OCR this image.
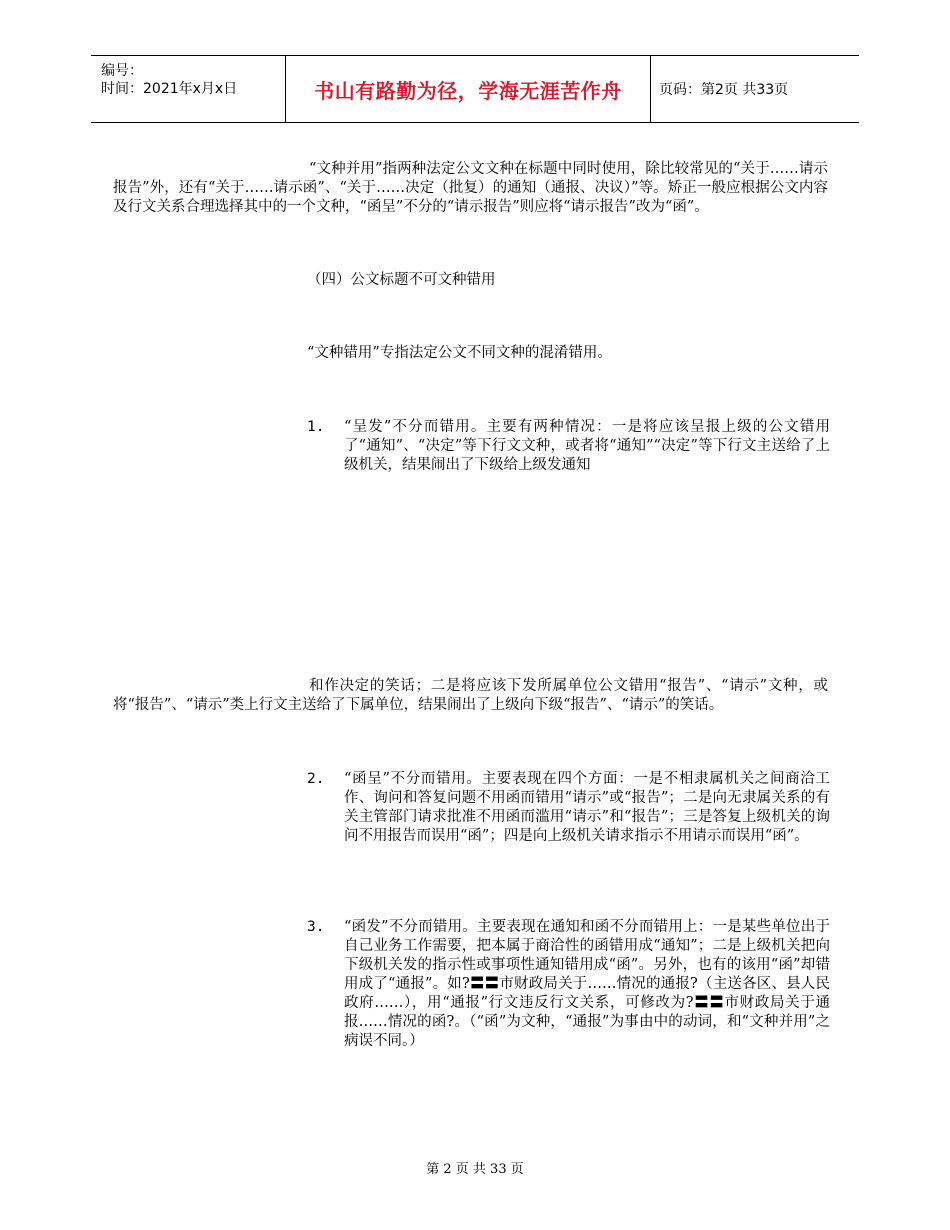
编号：
时间：2021年x月x日	书山有路勤为径，学海无涯苦作舟	页码：第2页 共33页

“文种并用”指两种法定公文文种在标题中同时使用，除比较常见的“关于……请示报告”外，还有“关于……请示函”、“关于……决定（批复）的通知（通报、决议）”等。矫正一般应根据公文内容及行文关系合理选择其中的一个文种，“函呈”不分的“请示报告”则应将“请示报告”改为“函”。

（四）公文标题不可文种错用

“文种错用”专指法定公文不同文种的混淆错用。

1. “呈发”不分而错用。主要有两种情况：一是将应该呈报上级的公文错用了“通知”、“决定”等下行文文种，或者将“通知”“决定”等下行文主送给了上级机关，结果闹出了下级给上级发通知

和作决定的笑话；二是将应该下发所属单位公文错用“报告”、“请示”文种，或将“报告”、“请示”类上行文主送给了下属单位，结果闹出了上级向下级“报告”、“请示”的笑话。

2. “函呈”不分而错用。主要表现在四个方面：一是不相隶属机关之间商洽工作、询问和答复问题不用函而错用“请示”或“报告”；二是向无隶属关系的有关主管部门请求批准不用函而滥用“请示”和“报告”；三是答复上级机关的询问不用报告而误用“函”；四是向上级机关请求指示不用请示而误用“函”。

3. “函发”不分而错用。主要表现在通知和函不分而错用上：一是某些单位出于自己业务工作需要，把本属于商洽性的函错用成“通知”；二是上级机关把向下级机关发的指示性或事项性通知错用成“函”。另外，也有的该用“函”却错用成了“通报”。如?〓〓市财政局关于……情况的通报?（主送各区、县人民政府……），用“通报”行文违反行文关系，可修改为?〓〓市财政局关于通报……情况的函?。（“函”为文种，“通报”为事由中的动词，和“文种并用”之病误不同。）

第 2 页 共 33 页
